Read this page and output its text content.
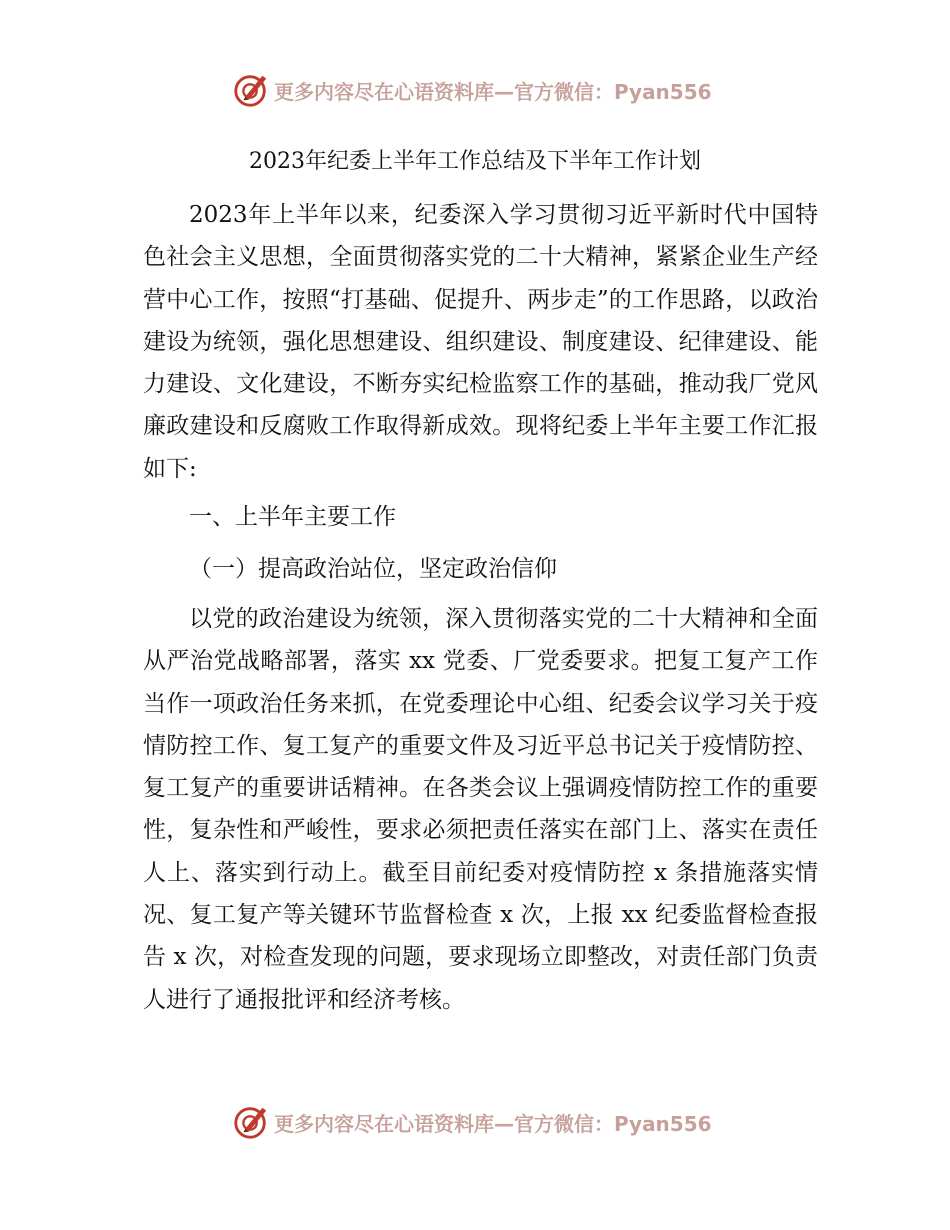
更多内容尽在心语资料库—官方微信：Pyan556
2023年纪委上半年工作总结及下半年工作计划

2023年上半年以来，纪委深入学习贯彻习近平新时代中国特色社会主义思想，全面贯彻落实党的二十大精神，紧紧企业生产经营中心工作，按照“打基础、促提升、两步走”的工作思路，以政治建设为统领，强化思想建设、组织建设、制度建设、纪律建设、能力建设、文化建设，不断夯实纪检监察工作的基础，推动我厂党风廉政建设和反腐败工作取得新成效。现将纪委上半年主要工作汇报如下:

一、上半年主要工作

（一）提高政治站位，坚定政治信仰

以党的政治建设为统领，深入贯彻落实党的二十大精神和全面从严治党战略部署，落实 xx 党委、厂党委要求。把复工复产工作当作一项政治任务来抓，在党委理论中心组、纪委会议学习关于疫情防控工作、复工复产的重要文件及习近平总书记关于疫情防控、复工复产的重要讲话精神。在各类会议上强调疫情防控工作的重要性，复杂性和严峻性，要求必须把责任落实在部门上、落实在责任人上、落实到行动上。截至目前纪委对疫情防控 x 条措施落实情况、复工复产等关键环节监督检查 x 次，上报 xx 纪委监督检查报告 x 次，对检查发现的问题，要求现场立即整改，对责任部门负责人进行了通报批评和经济考核。

更多内容尽在心语资料库—官方微信：Pyan556
